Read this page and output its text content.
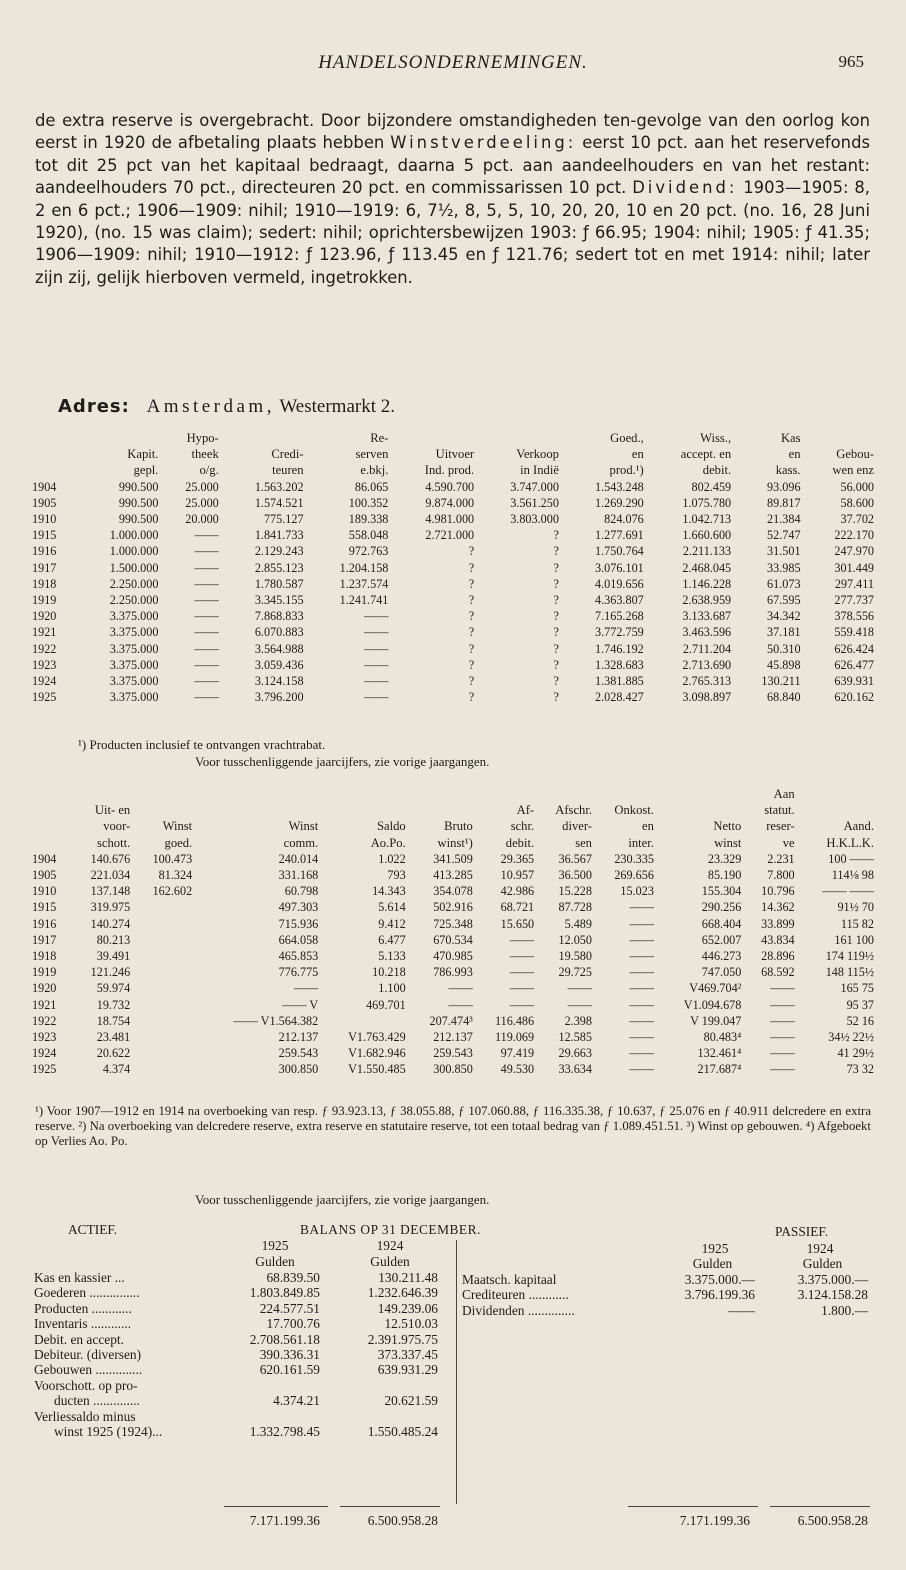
HANDELSONDERNEMINGEN.	965

de extra reserve is overgebracht. Door bijzondere omstandigheden ten-gevolge van den oorlog kon eerst in 1920 de afbetaling plaats hebben Winstverdeeling: eerst 10 pct. aan het reservefonds tot dit 25 pct van het kapitaal bedraagt, daarna 5 pct. aan aandeelhouders en van het restant: aandeelhouders 70 pct., directeuren 20 pct. en commissarissen 10 pct. Dividend: 1903—1905: 8, 2 en 6 pct.; 1906—1909: nihil; 1910—1919: 6, 7½, 8, 5, 5, 10, 20, 20, 10 en 20 pct. (no. 16, 28 Juni 1920), (no. 15 was claim); sedert: nihil; oprichtersbewijzen 1903: ƒ 66.95; 1904: nihil; 1905: ƒ 41.35; 1906—1909: nihil; 1910—1912: ƒ 123.96, ƒ 113.45 en ƒ 121.76; sedert tot en met 1914: nihil; later zijn zij, gelijk hierboven vermeld, ingetrokken.

Adres: Amsterdam, Westermarkt 2.
		Hypo-		Re-			Goed.,	Wiss.,	Kas	
	Kapit.	theek	Credi-	serven	Uitvoer	Verkoop	en	accept. en	en	Gebou-
	gepl.	o/g.	teuren	e.bkj.	Ind. prod.	in Indië	prod.¹)	debit.	kass.	wen enz
1904	990.500	25.000	1.563.202	86.065	4.590.700	3.747.000	1.543.248	802.459	93.096	56.000
1905	990.500	25.000	1.574.521	100.352	9.874.000	3.561.250	1.269.290	1.075.780	89.817	58.600
1910	990.500	20.000	775.127	189.338	4.981.000	3.803.000	824.076	1.042.713	21.384	37.702
1915	1.000.000	——	1.841.733	558.048	2.721.000	?	1.277.691	1.660.600	52.747	222.170
1916	1.000.000	——	2.129.243	972.763	?	?	1.750.764	2.211.133	31.501	247.970
1917	1.500.000	——	2.855.123	1.204.158	?	?	3.076.101	2.468.045	33.985	301.449
1918	2.250.000	——	1.780.587	1.237.574	?	?	4.019.656	1.146.228	61.073	297.411
1919	2.250.000	——	3.345.155	1.241.741	?	?	4.363.807	2.638.959	67.595	277.737
1920	3.375.000	——	7.868.833	——	?	?	7.165.268	3.133.687	34.342	378.556
1921	3.375.000	——	6.070.883	——	?	?	3.772.759	3.463.596	37.181	559.418
1922	3.375.000	——	3.564.988	——	?	?	1.746.192	2.711.204	50.310	626.424
1923	3.375.000	——	3.059.436	——	?	?	1.328.683	2.713.690	45.898	626.477
1924	3.375.000	——	3.124.158	——	?	?	1.381.885	2.765.313	130.211	639.931
1925	3.375.000	——	3.796.200	——	?	?	2.028.427	3.098.897	68.840	620.162
¹) Producten inclusief te ontvangen vrachtrabat.
Voor tusschenliggende jaarcijfers, zie vorige jaargangen.
										Aan	
	Uit- en					Af-	Afschr.	Onkost.		statut.	
	voor-	Winst	Winst	Saldo	Bruto	schr.	diver-	en	Netto	reser-	Aand.
	schott.	goed.	comm.	Ao.Po.	winst¹)	debit.	sen	inter.	winst	ve	H.K.L.K.
1904	140.676	100.473	240.014	1.022	341.509	29.365	36.567	230.335	23.329	2.231	100 ——
1905	221.034	81.324	331.168	793	413.285	10.957	36.500	269.656	85.190	7.800	114⅛ 98
1910	137.148	162.602	60.798	14.343	354.078	42.986	15.228	15.023	155.304	10.796	—— ——
1915	319.975		497.303	5.614	502.916	68.721	87.728	——	290.256	14.362	91½ 70
1916	140.274		715.936	9.412	725.348	15.650	5.489	——	668.404	33.899	115 82
1917	80.213		664.058	6.477	670.534	——	12.050	——	652.007	43.834	161 100
1918	39.491		465.853	5.133	470.985	——	19.580	——	446.273	28.896	174 119½
1919	121.246		776.775	10.218	786.993	——	29.725	——	747.050	68.592	148 115½
1920	59.974		——	1.100	——	——	——	——	V469.704²	——	165 75
1921	19.732		—— V	469.701	——	——	——	——	V1.094.678	——	95 37
1922	18.754		—— V1.564.382		207.474³	116.486	2.398	——	V 199.047	——	52 16
1923	23.481		212.137	V1.763.429	212.137	119.069	12.585	——	80.483⁴	——	34½ 22½
1924	20.622		259.543	V1.682.946	259.543	97.419	29.663	——	132.461⁴	——	41 29½
1925	4.374		300.850	V1.550.485	300.850	49.530	33.634	——	217.687⁴	——	73 32
¹) Voor 1907—1912 en 1914 na overboeking van resp. ƒ 93.923.13, ƒ 38.055.88, ƒ 107.060.88, ƒ 116.335.38, ƒ 10.637, ƒ 25.076 en ƒ 40.911 delcredere en extra reserve. ²) Na overboeking van delcredere reserve, extra reserve en statutaire reserve, tot een totaal bedrag van ƒ 1.089.451.51. ³) Winst op gebouwen. ⁴) Afgeboekt op Verlies Ao. Po.
Voor tusschenliggende jaarcijfers, zie vorige jaargangen.
ACTIEF.	BALANS OP 31 DECEMBER.	PASSIEF.
1925	1924
Gulden	Gulden
1925	1924
Gulden	Gulden
Kas en kassier ...	68.839.50	130.211.48
Goederen ...............	1.803.849.85	1.232.646.39
Producten ............	224.577.51	149.239.06
Inventaris ............	17.700.76	12.510.03
Debit. en accept.	2.708.561.18	2.391.975.75
Debiteur. (diversen)	390.336.31	373.337.45
Gebouwen ..............	620.161.59	639.931.29
Voorschott. op pro-
ducten ..............	4.374.21	20.621.59
Verliessaldo minus
winst 1925 (1924)...	1.332.798.45	1.550.485.24
Maatsch. kapitaal	3.375.000.—	3.375.000.—
Crediteuren ............	3.796.199.36	3.124.158.28
Dividenden ..............	——	1.800.—
7.171.199.36	6.500.958.28	7.171.199.36	6.500.958.28
